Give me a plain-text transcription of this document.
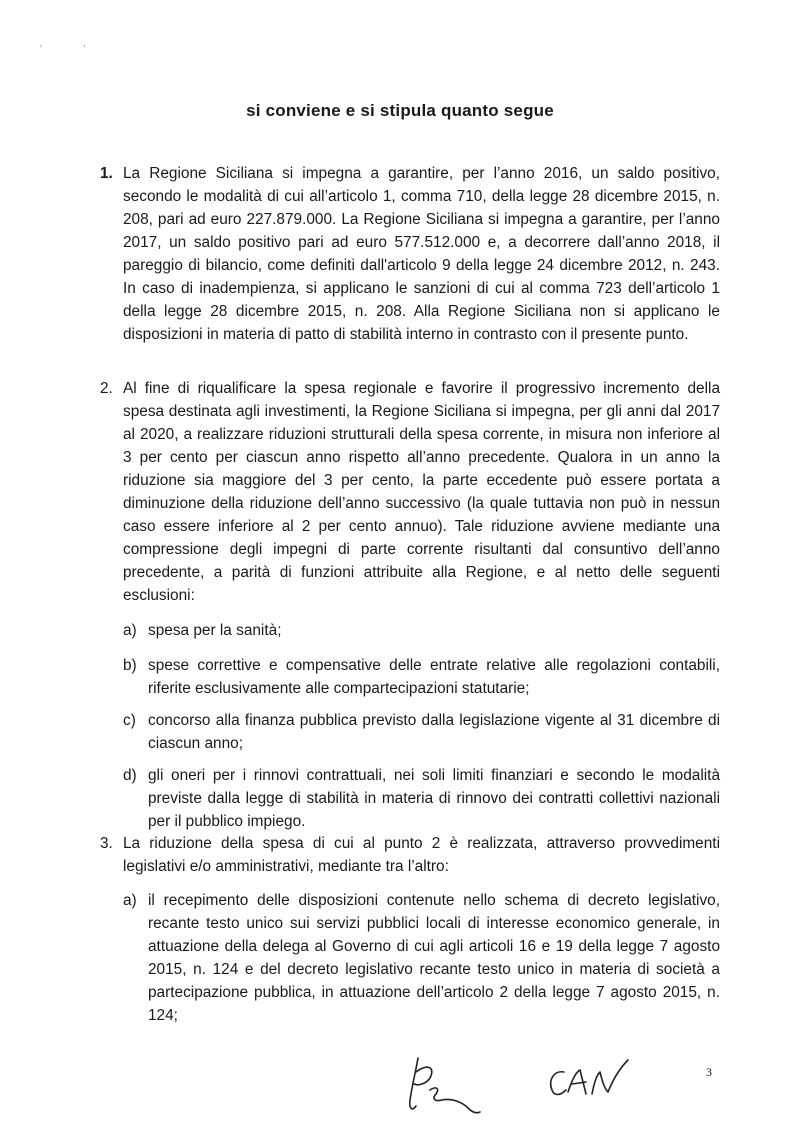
'               '
si conviene e si stipula quanto segue
1. La Regione Siciliana si impegna a garantire, per l’anno 2016, un saldo positivo, secondo le modalità di cui all’articolo 1, comma 710, della legge 28 dicembre 2015, n. 208, pari ad euro 227.879.000. La Regione Siciliana si impegna a garantire, per l’anno 2017, un saldo positivo pari ad euro 577.512.000 e, a decorrere dall’anno 2018, il pareggio di bilancio, come definiti dall'articolo 9 della legge 24 dicembre 2012, n. 243. In caso di inadempienza, si applicano le sanzioni di cui al comma 723 dell’articolo 1 della legge 28 dicembre 2015, n. 208. Alla Regione Siciliana non si applicano le disposizioni in materia di patto di stabilità interno in contrasto con il presente punto.
2. Al fine di riqualificare la spesa regionale e favorire il progressivo incremento della spesa destinata agli investimenti, la Regione Siciliana si impegna, per gli anni dal 2017 al 2020, a realizzare riduzioni strutturali della spesa corrente, in misura non inferiore al 3 per cento per ciascun anno rispetto all’anno precedente. Qualora in un anno la riduzione sia maggiore del 3 per cento, la parte eccedente può essere portata a diminuzione della riduzione dell’anno successivo (la quale tuttavia non può in nessun caso essere inferiore al 2 per cento annuo). Tale riduzione avviene mediante una compressione degli impegni di parte corrente risultanti dal consuntivo dell’anno precedente, a parità di funzioni attribuite alla Regione, e al netto delle seguenti esclusioni:
a) spesa per la sanità;
b) spese correttive e compensative delle entrate relative alle regolazioni contabili, riferite esclusivamente alle compartecipazioni statutarie;
c) concorso alla finanza pubblica previsto dalla legislazione vigente al 31 dicembre di ciascun anno;
d) gli oneri per i rinnovi contrattuali, nei soli limiti finanziari e secondo le modalità previste dalla legge di stabilità in materia di rinnovo dei contratti collettivi nazionali per il pubblico impiego.
3. La riduzione della spesa di cui al punto 2 è realizzata, attraverso provvedimenti legislativi e/o amministrativi, mediante tra l’altro:
a) il recepimento delle disposizioni contenute nello schema di decreto legislativo, recante testo unico sui servizi pubblici locali di interesse economico generale, in attuazione della delega al Governo di cui agli articoli 16 e 19 della legge 7 agosto 2015, n. 124 e del decreto legislativo recante testo unico in materia di società a partecipazione pubblica, in attuazione dell’articolo 2 della legge 7 agosto 2015, n. 124;
3
